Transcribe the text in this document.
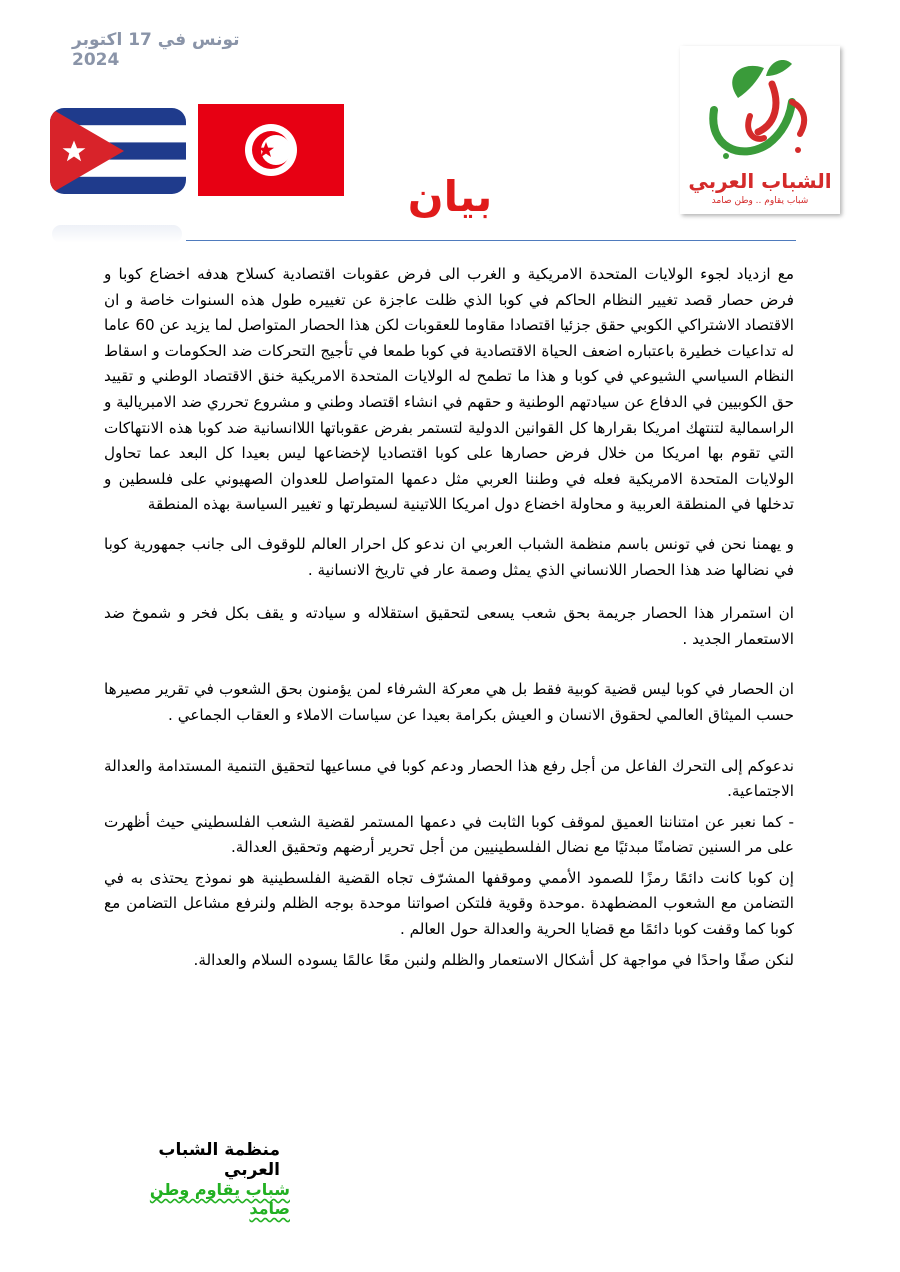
تونس في 17 اكتوبر 2024
الشباب العربي
شباب يقاوم .. وطن صامد
بيان

مع ازدياد لجوء الولايات المتحدة الامريكية و الغرب الى فرض عقوبات اقتصادية كسلاح هدفه اخضاع كوبا و فرض حصار قصد تغيير النظام الحاكم في كوبا الذي ظلت عاجزة عن تغييره طول هذه السنوات خاصة و ان الاقتصاد الاشتراكي الكوبي حقق جزئيا اقتصادا مقاوما للعقوبات لكن هذا الحصار المتواصل لما يزيد عن 60 عاما له تداعيات خطيرة باعتباره اضعف الحياة الاقتصادية في كوبا طمعا في تأجيج التحركات ضد الحكومات و اسقاط النظام السياسي الشيوعي في كوبا و هذا ما تطمح له الولايات المتحدة الامريكية خنق الاقتصاد الوطني و تقييد حق الكوبيين في الدفاع عن سيادتهم الوطنية و حقهم في انشاء اقتصاد وطني و مشروع تحرري ضد الامبريالية و الراسمالية لتنتهك امريكا بقرارها كل القوانين الدولية لتستمر بفرض عقوباتها اللاانسانية ضد كوبا هذه الانتهاكات التي تقوم بها امريكا من خلال فرض حصارها على كوبا اقتصاديا لإخضاعها ليس بعيدا كل البعد عما تحاول الولايات المتحدة الامريكية فعله في وطننا العربي مثل دعمها المتواصل للعدوان الصهيوني على فلسطين و تدخلها في المنطقة العربية و محاولة اخضاع دول امريكا اللاتينية لسيطرتها و تغيير السياسة بهذه المنطقة

و يهمنا نحن في تونس باسم منظمة الشباب العربي ان ندعو كل احرار العالم للوقوف الى جانب جمهورية كوبا في نضالها ضد هذا الحصار اللانساني الذي يمثل وصمة عار في تاريخ الانسانية .

ان استمرار هذا الحصار جريمة بحق شعب يسعى لتحقيق استقلاله و سيادته و يقف بكل فخر و شموخ ضد الاستعمار الجديد .

ان الحصار في كوبا ليس قضية كوبية فقط بل هي معركة الشرفاء لمن يؤمنون بحق الشعوب في تقرير مصيرها حسب الميثاق العالمي لحقوق الانسان و العيش بكرامة بعيدا عن سياسات الاملاء و العقاب الجماعي .

ندعوكم إلى التحرك الفاعل من أجل رفع هذا الحصار ودعم كوبا في مساعيها لتحقيق التنمية المستدامة والعدالة الاجتماعية.

- كما نعبر عن امتناننا العميق لموقف كوبا الثابت في دعمها المستمر لقضية الشعب الفلسطيني حيث أظهرت على مر السنين تضامنًا مبدئيًا مع نضال الفلسطينيين من أجل تحرير أرضهم وتحقيق العدالة.

إن كوبا كانت دائمًا رمزًا للصمود الأممي وموقفها المشرّف تجاه القضية الفلسطينية هو نموذج يحتذى به في التضامن مع الشعوب المضطهدة .موحدة وقوية فلتكن اصواتنا موحدة بوجه الظلم ولنرفع مشاعل التضامن مع كوبا كما وقفت كوبا دائمًا مع قضايا الحرية والعدالة حول العالم .

لنكن صفًا واحدًا في مواجهة كل أشكال الاستعمار والظلم ولنبن معًا عالمًا يسوده السلام والعدالة.

منظمة الشباب العربي
شباب يقاوم وطن صامد
